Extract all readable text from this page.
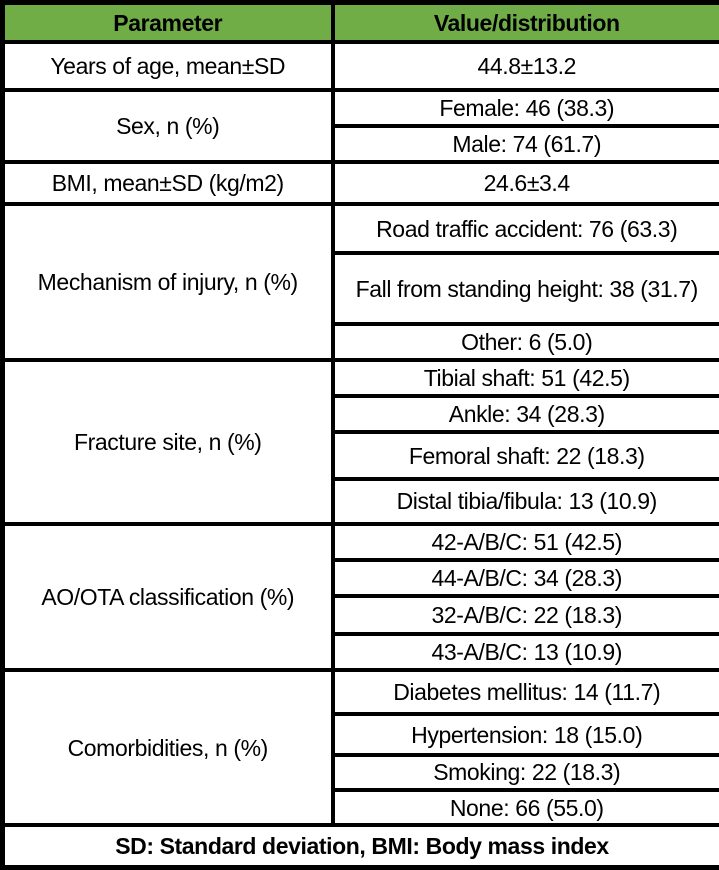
Parameter	Value/distribution
Years of age, mean±SD	44.8±13.2
Sex, n (%)	Female: 46 (38.3)
	Male: 74 (61.7)
BMI, mean±SD (kg/m2)	24.6±3.4
Mechanism of injury, n (%)	Road traffic accident: 76 (63.3)
	Fall from standing height: 38 (31.7)
	Other: 6 (5.0)
Fracture site, n (%)	Tibial shaft: 51 (42.5)
	Ankle: 34 (28.3)
	Femoral shaft: 22 (18.3)
	Distal tibia/fibula: 13 (10.9)
AO/OTA classification (%)	42-A/B/C: 51 (42.5)
	44-A/B/C: 34 (28.3)
	32-A/B/C: 22 (18.3)
	43-A/B/C: 13 (10.9)
Comorbidities, n (%)	Diabetes mellitus: 14 (11.7)
	Hypertension: 18 (15.0)
	Smoking: 22 (18.3)
	None: 66 (55.0)
SD: Standard deviation, BMI: Body mass index	
